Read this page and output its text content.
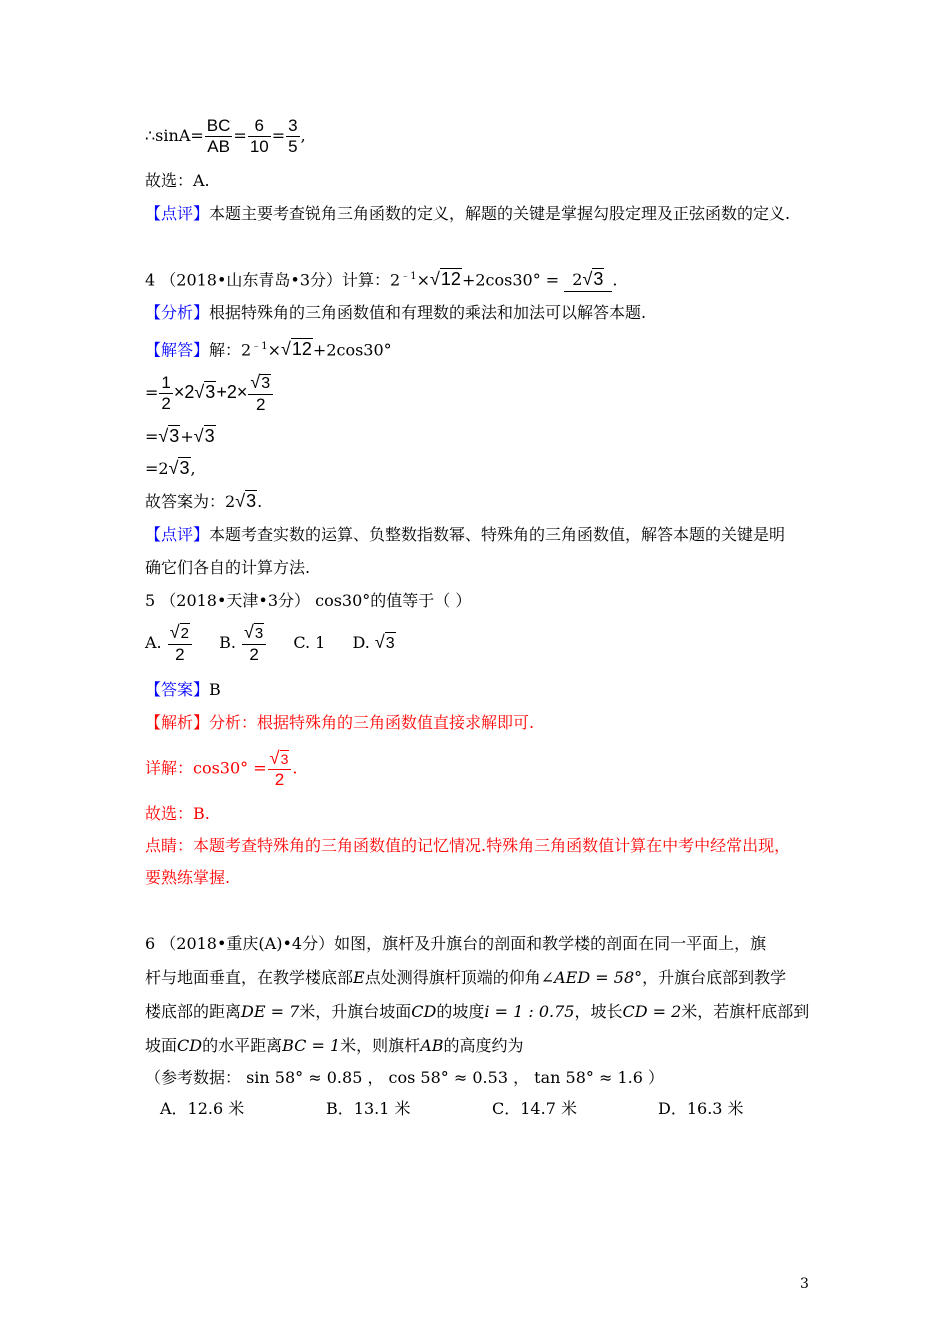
∴sinA= $\frac{BC}{AB} = \frac{6}{10} = \frac{3}{5}$ ,
故选：A.
【点评】本题主要考查锐角三角函数的定义，解题的关键是掌握勾股定理及正弦函数的定义.
4 （2018•山东青岛•3分）计算：$2^{﹣1}\times√12+2\cos 30^\circ = 2√3$ .
【分析】根据特殊角的三角函数值和有理数的乘法和加法可以解答本题.
【解答】解：$2^{﹣1}\times√12+2\cos 30^\circ$
= $\frac{1}{2} \times 2√3+2\times \frac{√3}{2}$
=√3+√3
=2√3,
故答案为：2√3.
【点评】本题考查实数的运算、负整数指数幂、特殊角的三角函数值，解答本题的关键是明
确它们各自的计算方法.
5 （2018•天津•3分） cos30°的值等于（ ）
A. $\frac{√2}{2} B$. $\frac{√3}{2} C$. 1 D. √3
【答案】B
【解析】分析：根据特殊角的三角函数值直接求解即可.
详解：$\cos 30^\circ = \frac{√3}{2}$ .
故选：B.
点睛：本题考查特殊角的三角函数值的记忆情况.特殊角三角函数值计算在中考中经常出现，
要熟练掌握.
6 （2018•重庆(A)•4分）如图，旗杆及升旗台的剖面和教学楼的剖面在同一平面上，旗
杆与地面垂直，在教学楼底部E点处测得旗杆顶端的仰角∠AED = 58°，升旗台底部到教学
楼底部的距离DE = 7米，升旗台坡面CD的坡度i = 1 : 0.75，坡长CD = 2米，若旗杆底部到
坡面CD的水平距离BC = 1米，则旗杆AB的高度约为
（参考数据： sin 58° ≈ 0.85 ， cos 58° ≈ 0.53 ， tan 58° ≈ 1.6 ）
A．12.6 米	B．13.1 米	C．14.7 米	D．16.3 米
3
